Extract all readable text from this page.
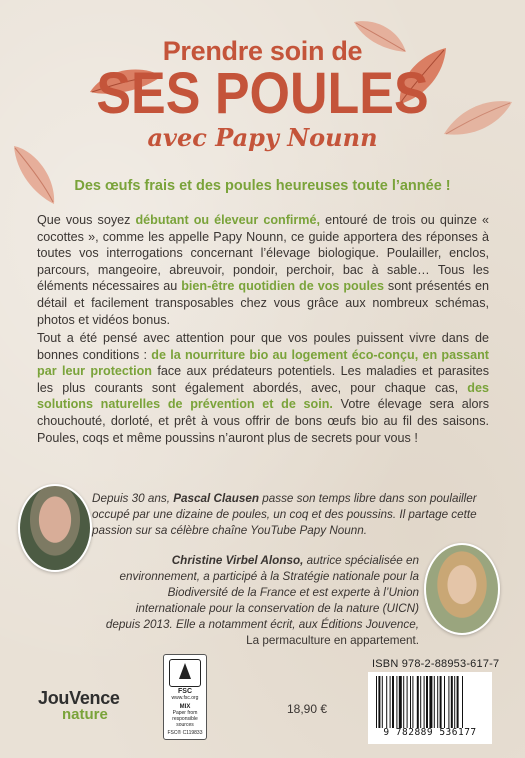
Prendre soin de
SES POULES
avec Papy Nounn
Des œufs frais et des poules heureuses toute l’année !
Que vous soyez débutant ou éleveur confirmé, entouré de trois ou quinze « cocottes », comme les appelle Papy Nounn, ce guide apportera des réponses à toutes vos interrogations concernant l’élevage biologique. Poulailler, enclos, parcours, mangeoire, abreuvoir, pondoir, perchoir, bac à sable… Tous les éléments nécessaires au bien-être quotidien de vos poules sont présentés en détail et facilement transposables chez vous grâce aux nombreux schémas, photos et vidéos bonus.
Tout a été pensé avec attention pour que vos poules puissent vivre dans de bonnes conditions : de la nourriture bio au logement éco-conçu, en passant par leur protection face aux prédateurs potentiels. Les maladies et parasites les plus courants sont également abordés, avec, pour chaque cas, des solutions naturelles de prévention et de soin. Votre élevage sera alors chouchouté, dorloté, et prêt à vous offrir de bons œufs bio au fil des saisons. Poules, coqs et même poussins n’auront plus de secrets pour vous !
Depuis 30 ans, Pascal Clausen passe son temps libre dans son poulailler occupé par une dizaine de poules, un coq et des poussins. Il partage cette passion sur sa célèbre chaîne YouTube Papy Nounn.
Christine Virbel Alonso, autrice spécialisée en environnement, a participé à la Stratégie nationale pour la Biodiversité de la France et est experte à l’Union internationale pour la conservation de la nature (UICN) depuis 2013. Elle a notamment écrit, aux Éditions Jouvence, La permaculture en appartement.
JouVence
nature
FSC
www.fsc.org
MIX
Paper from responsible sources
FSC® C119833
18,90 €
ISBN 978-2-88953-617-7
9 782889 536177
